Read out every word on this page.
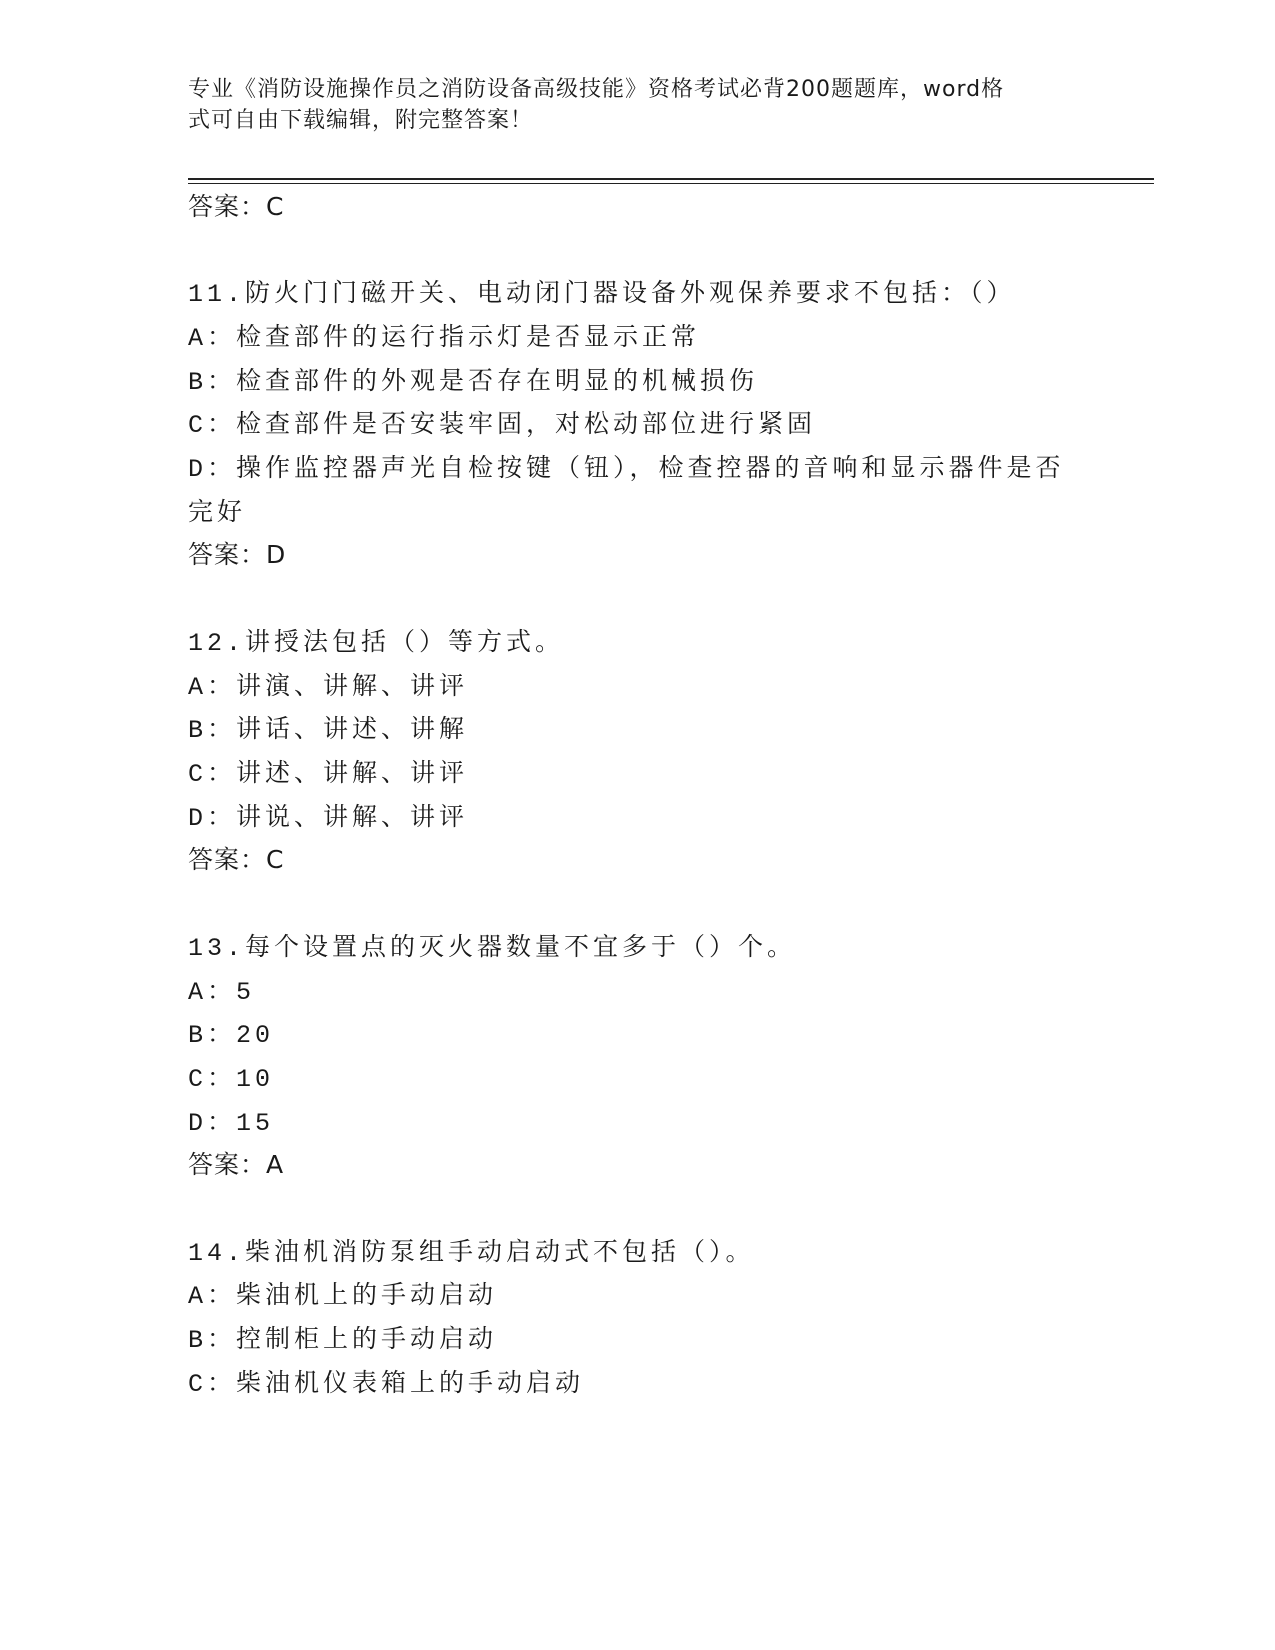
专业《消防设施操作员之消防设备高级技能》资格考试必背200题题库，word格
式可自由下载编辑，附完整答案！
答案：C
11.防火门门磁开关、电动闭门器设备外观保养要求不包括：（）
A：检查部件的运行指示灯是否显示正常
B：检查部件的外观是否存在明显的机械损伤
C：检查部件是否安装牢固，对松动部位进行紧固
D：操作监控器声光自检按键（钮），检查控器的音响和显示器件是否
完好
答案：D
12.讲授法包括（）等方式。
A：讲演、讲解、讲评
B：讲话、讲述、讲解
C：讲述、讲解、讲评
D：讲说、讲解、讲评
答案：C
13.每个设置点的灭火器数量不宜多于（）个。
A：5
B：20
C：10
D：15
答案：A
14.柴油机消防泵组手动启动式不包括（）。
A：柴油机上的手动启动
B：控制柜上的手动启动
C：柴油机仪表箱上的手动启动
